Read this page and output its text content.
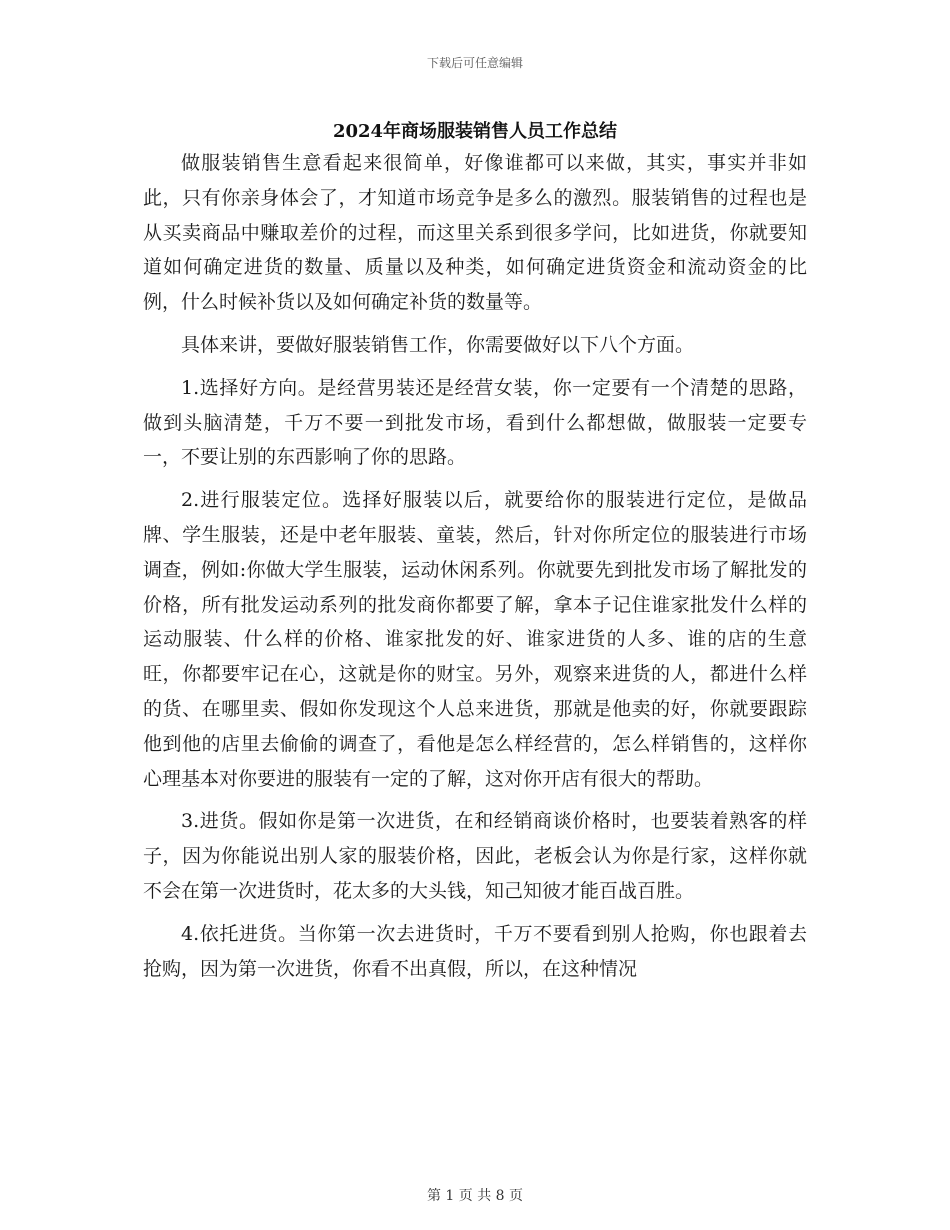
下载后可任意编辑
2024年商场服装销售人员工作总结

做服装销售生意看起来很简单，好像谁都可以来做，其实，事实并非如此，只有你亲身体会了，才知道市场竞争是多么的激烈。服装销售的过程也是从买卖商品中赚取差价的过程，而这里关系到很多学问，比如进货，你就要知道如何确定进货的数量、质量以及种类，如何确定进货资金和流动资金的比例，什么时候补货以及如何确定补货的数量等。

具体来讲，要做好服装销售工作，你需要做好以下八个方面。

1.选择好方向。是经营男装还是经营女装，你一定要有一个清楚的思路，做到头脑清楚，千万不要一到批发市场，看到什么都想做，做服装一定要专一，不要让别的东西影响了你的思路。

2.进行服装定位。选择好服装以后，就要给你的服装进行定位，是做品牌、学生服装，还是中老年服装、童装，然后，针对你所定位的服装进行市场调查，例如:你做大学生服装，运动休闲系列。你就要先到批发市场了解批发的价格，所有批发运动系列的批发商你都要了解，拿本子记住谁家批发什么样的运动服装、什么样的价格、谁家批发的好、谁家进货的人多、谁的店的生意旺，你都要牢记在心，这就是你的财宝。另外，观察来进货的人，都进什么样的货、在哪里卖、假如你发现这个人总来进货，那就是他卖的好，你就要跟踪他到他的店里去偷偷的调查了，看他是怎么样经营的，怎么样销售的，这样你心理基本对你要进的服装有一定的了解，这对你开店有很大的帮助。

3.进货。假如你是第一次进货，在和经销商谈价格时，也要装着熟客的样子，因为你能说出别人家的服装价格，因此，老板会认为你是行家，这样你就不会在第一次进货时，花太多的大头钱，知己知彼才能百战百胜。

4.依托进货。当你第一次去进货时，千万不要看到别人抢购，你也跟着去抢购，因为第一次进货，你看不出真假，所以，在这种情况

第 1 页 共 8 页
